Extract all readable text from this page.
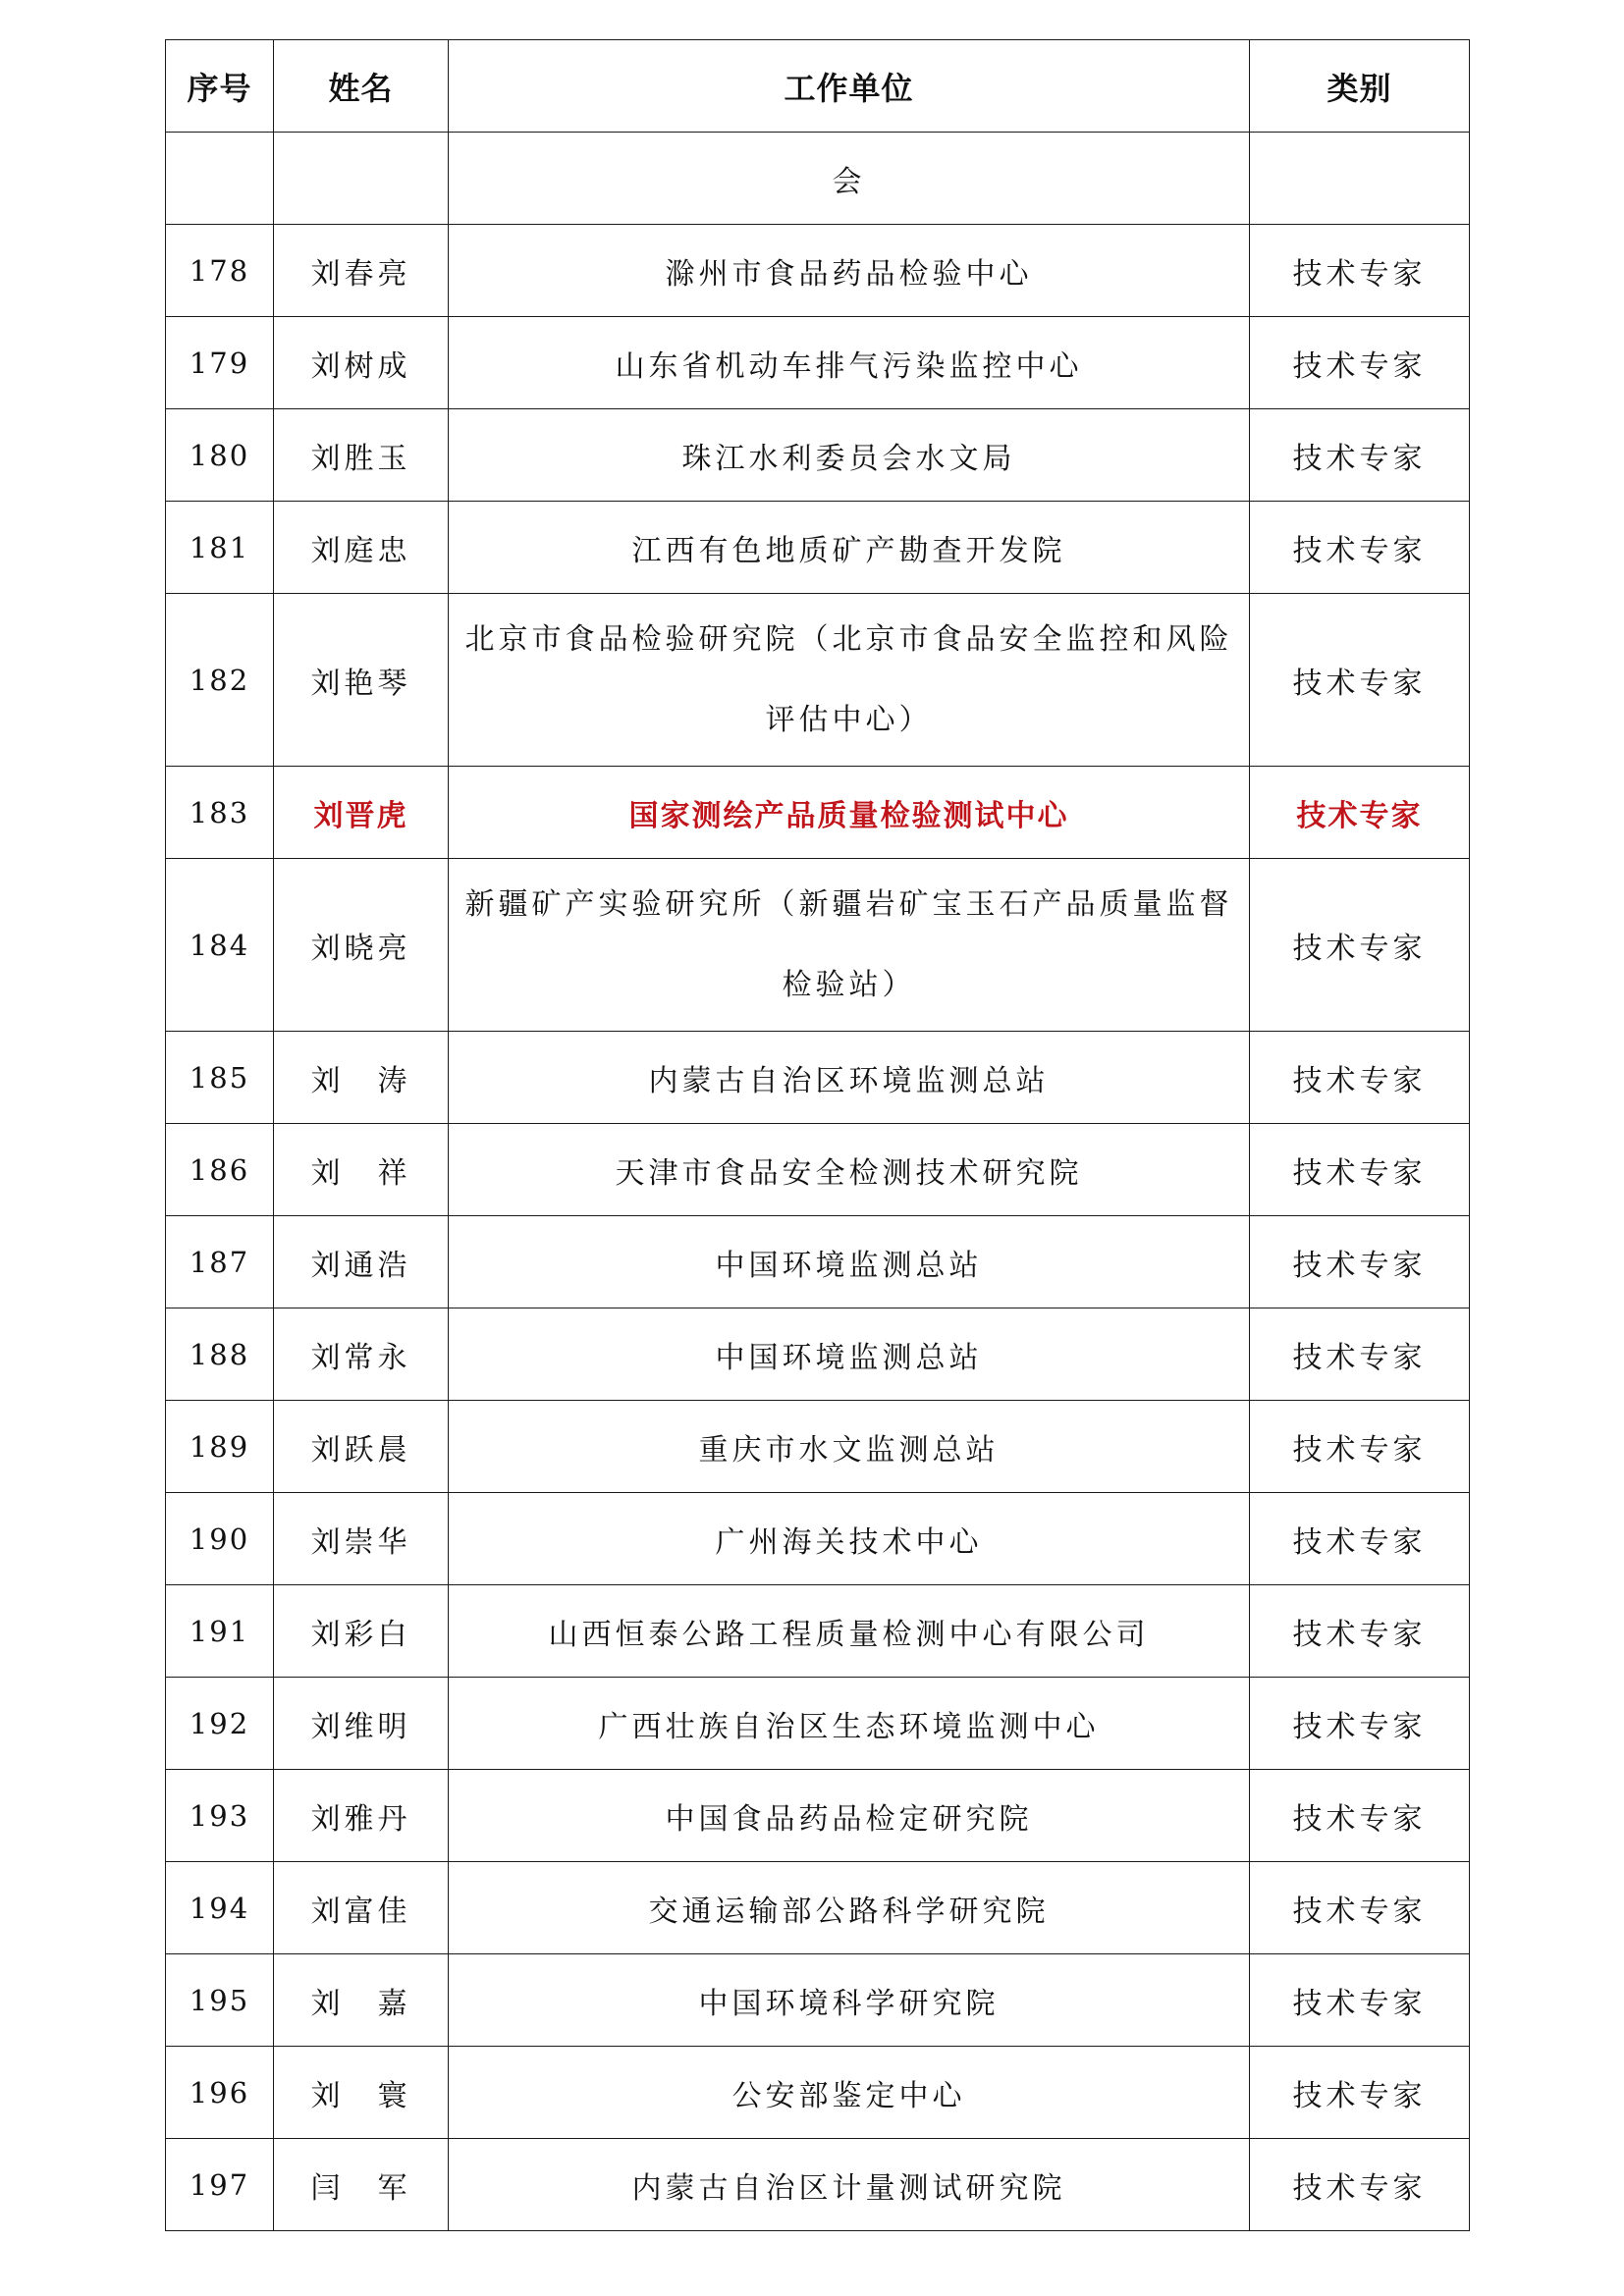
序号	姓名	工作单位	类别
		会	
178	刘春亮	滁州市食品药品检验中心	技术专家
179	刘树成	山东省机动车排气污染监控中心	技术专家
180	刘胜玉	珠江水利委员会水文局	技术专家
181	刘庭忠	江西有色地质矿产勘查开发院	技术专家
182	刘艳琴	北京市食品检验研究院（北京市食品安全监控和风险评估中心）	技术专家
183	刘晋虎	国家测绘产品质量检验测试中心	技术专家
184	刘晓亮	新疆矿产实验研究所（新疆岩矿宝玉石产品质量监督检验站）	技术专家
185	刘　涛	内蒙古自治区环境监测总站	技术专家
186	刘　祥	天津市食品安全检测技术研究院	技术专家
187	刘通浩	中国环境监测总站	技术专家
188	刘常永	中国环境监测总站	技术专家
189	刘跃晨	重庆市水文监测总站	技术专家
190	刘崇华	广州海关技术中心	技术专家
191	刘彩白	山西恒泰公路工程质量检测中心有限公司	技术专家
192	刘维明	广西壮族自治区生态环境监测中心	技术专家
193	刘雅丹	中国食品药品检定研究院	技术专家
194	刘富佳	交通运输部公路科学研究院	技术专家
195	刘　嘉	中国环境科学研究院	技术专家
196	刘　寰	公安部鉴定中心	技术专家
197	闫　军	内蒙古自治区计量测试研究院	技术专家
